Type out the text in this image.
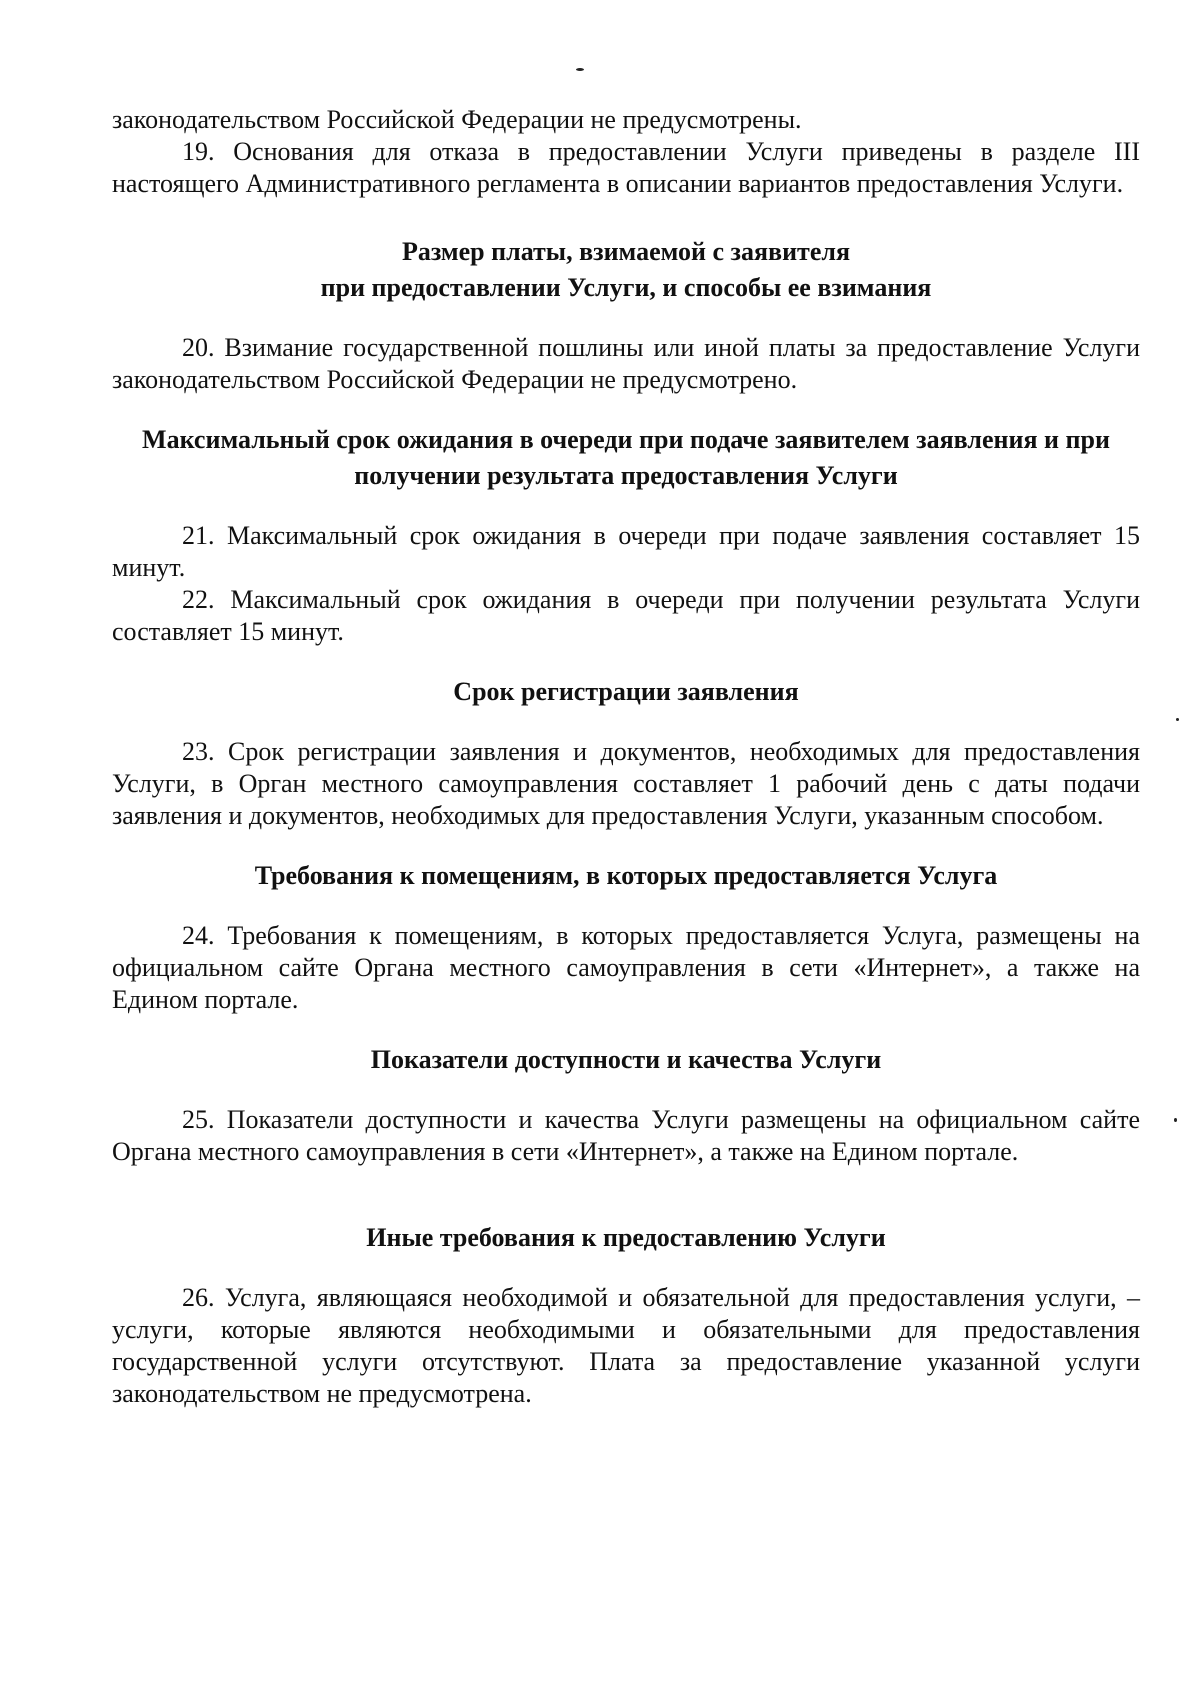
законодательством Российской Федерации не предусмотрены.

19. Основания для отказа в предоставлении Услуги приведены в разделе III настоящего Административного регламента в описании вариантов предоставления Услуги.

Размер платы, взимаемой с заявителя
при предоставлении Услуги, и способы ее взимания

20. Взимание государственной пошлины или иной платы за предоставление Услуги законодательством Российской Федерации не предусмотрено.

Максимальный срок ожидания в очереди при подаче заявителем заявления и при получении результата предоставления Услуги

21. Максимальный срок ожидания в очереди при подаче заявления составляет 15 минут.

22. Максимальный срок ожидания в очереди при получении результата Услуги составляет 15 минут.

Срок регистрации заявления

23. Срок регистрации заявления и документов, необходимых для предоставления Услуги, в Орган местного самоуправления составляет 1 рабочий день с даты подачи заявления и документов, необходимых для предоставления Услуги, указанным способом.

Требования к помещениям, в которых предоставляется Услуга

24. Требования к помещениям, в которых предоставляется Услуга, размещены на официальном сайте Органа местного самоуправления в сети «Интернет», а также на Едином портале.

Показатели доступности и качества Услуги

25. Показатели доступности и качества Услуги размещены на официальном сайте Органа местного самоуправления в сети «Интернет», а также на Едином портале.

Иные требования к предоставлению Услуги

26. Услуга, являющаяся необходимой и обязательной для предоставления услуги, – услуги, которые являются необходимыми и обязательными для предоставления государственной услуги отсутствуют. Плата за предоставление указанной услуги законодательством не предусмотрена.
